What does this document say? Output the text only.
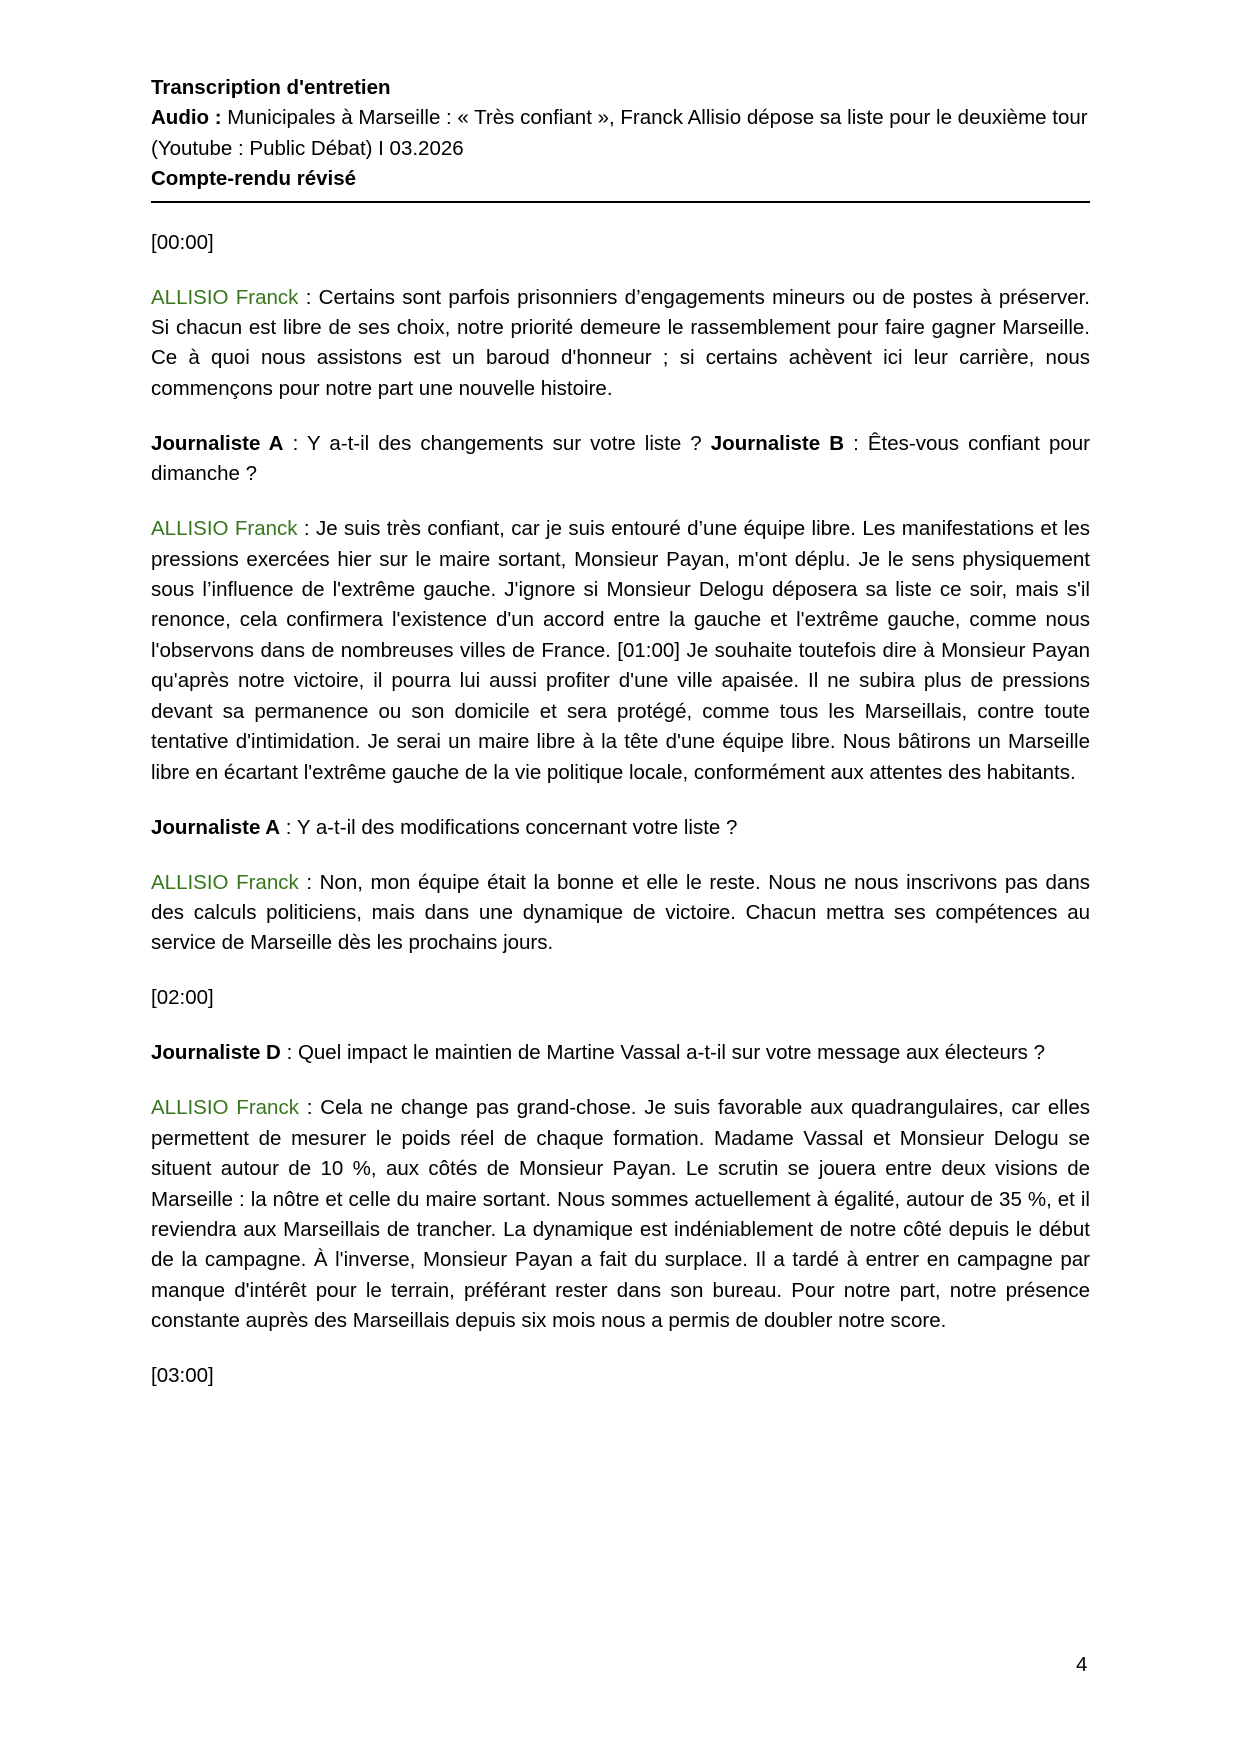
Transcription d'entretien

Audio : Municipales à Marseille : « Très confiant », Franck Allisio dépose sa liste pour le deuxième tour (Youtube : Public Débat) I 03.2026

Compte-rendu révisé

[00:00]

ALLISIO Franck : Certains sont parfois prisonniers d’engagements mineurs ou de postes à préserver. Si chacun est libre de ses choix, notre priorité demeure le rassemblement pour faire gagner Marseille. Ce à quoi nous assistons est un baroud d'honneur ; si certains achèvent ici leur carrière, nous commençons pour notre part une nouvelle histoire.

Journaliste A : Y a-t-il des changements sur votre liste ? Journaliste B : Êtes-vous confiant pour dimanche ?

ALLISIO Franck : Je suis très confiant, car je suis entouré d’une équipe libre. Les manifestations et les pressions exercées hier sur le maire sortant, Monsieur Payan, m'ont déplu. Je le sens physiquement sous l’influence de l'extrême gauche. J'ignore si Monsieur Delogu déposera sa liste ce soir, mais s'il renonce, cela confirmera l'existence d'un accord entre la gauche et l'extrême gauche, comme nous l'observons dans de nombreuses villes de France. [01:00] Je souhaite toutefois dire à Monsieur Payan qu'après notre victoire, il pourra lui aussi profiter d'une ville apaisée. Il ne subira plus de pressions devant sa permanence ou son domicile et sera protégé, comme tous les Marseillais, contre toute tentative d'intimidation. Je serai un maire libre à la tête d'une équipe libre. Nous bâtirons un Marseille libre en écartant l'extrême gauche de la vie politique locale, conformément aux attentes des habitants.

Journaliste A : Y a-t-il des modifications concernant votre liste ?

ALLISIO Franck : Non, mon équipe était la bonne et elle le reste. Nous ne nous inscrivons pas dans des calculs politiciens, mais dans une dynamique de victoire. Chacun mettra ses compétences au service de Marseille dès les prochains jours.

[02:00]

Journaliste D : Quel impact le maintien de Martine Vassal a-t-il sur votre message aux électeurs ?

ALLISIO Franck : Cela ne change pas grand-chose. Je suis favorable aux quadrangulaires, car elles permettent de mesurer le poids réel de chaque formation. Madame Vassal et Monsieur Delogu se situent autour de 10 %, aux côtés de Monsieur Payan. Le scrutin se jouera entre deux visions de Marseille : la nôtre et celle du maire sortant. Nous sommes actuellement à égalité, autour de 35 %, et il reviendra aux Marseillais de trancher. La dynamique est indéniablement de notre côté depuis le début de la campagne. À l'inverse, Monsieur Payan a fait du surplace. Il a tardé à entrer en campagne par manque d'intérêt pour le terrain, préférant rester dans son bureau. Pour notre part, notre présence constante auprès des Marseillais depuis six mois nous a permis de doubler notre score.

[03:00]

4
